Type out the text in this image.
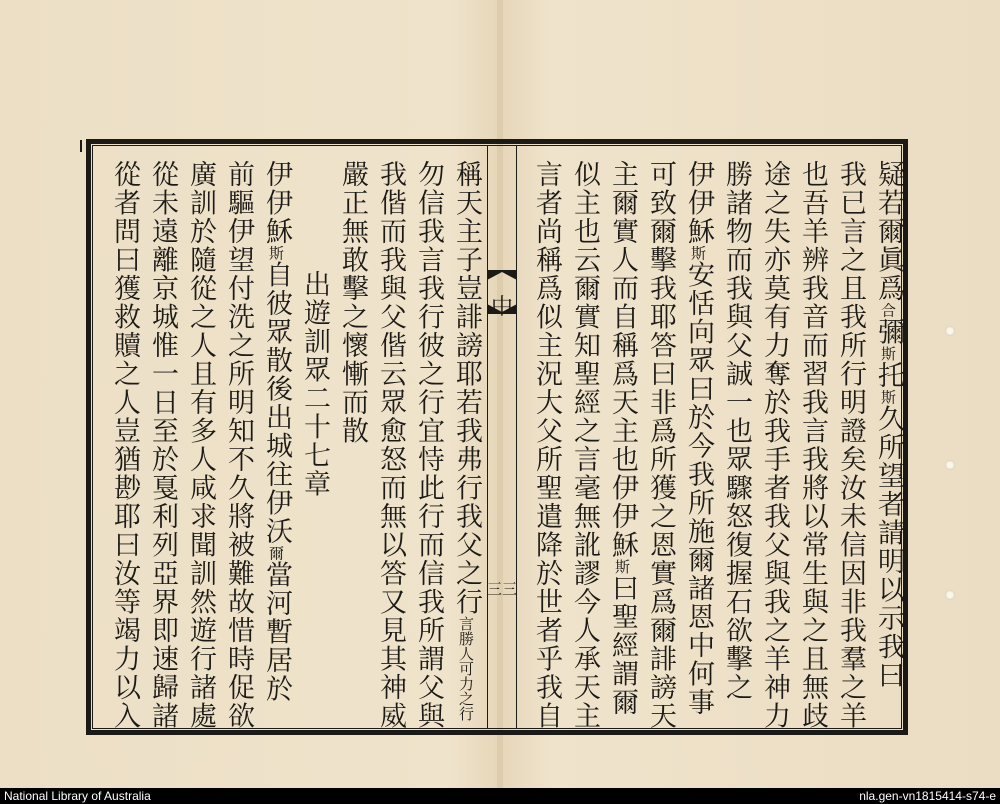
中
三三
疑若爾眞爲合彌斯托斯久所望者請明以示我曰
我已言之且我所行明證矣汝未信因非我羣之羊
也吾羊辨我音而習我言我將以常生與之且無歧
途之失亦莫有力奪於我手者我父與我之羊神力
勝諸物而我與父誠一也眾驟怒復握石欲擊之
伊伊穌斯安恬向眾曰於今我所施爾諸恩中何事
可致爾擊我耶答曰非爲所獲之恩實爲爾誹謗天
主爾實人而自稱爲天主也伊伊穌斯曰聖經謂爾
似主也云爾實知聖經之言毫無訛謬今人承天主
言者尚稱爲似主況大父所聖遣降於世者乎我自
稱天主子豈誹謗耶若我弗行我父之行言勝人可力之行
勿信我言我行彼之行宜恃此行而信我所謂父與
我偕而我與父偕云眾愈怒而無以答又見其神威
嚴正無敢擊之懷慚而散
出遊訓眾二十七章
伊伊穌斯自彼眾散後出城往伊沃爾當河暫居於
前驅伊望付洗之所明知不久將被難故惜時促欲
廣訓於隨從之人且有多人咸求聞訓然遊行諸處
從未遠離京城惟一日至於戛利列亞界即速歸諸
從者問曰獲救贖之人豈猶尠耶曰汝等竭力以入
National Library of Australia	nla.gen-vn1815414-s74-e
